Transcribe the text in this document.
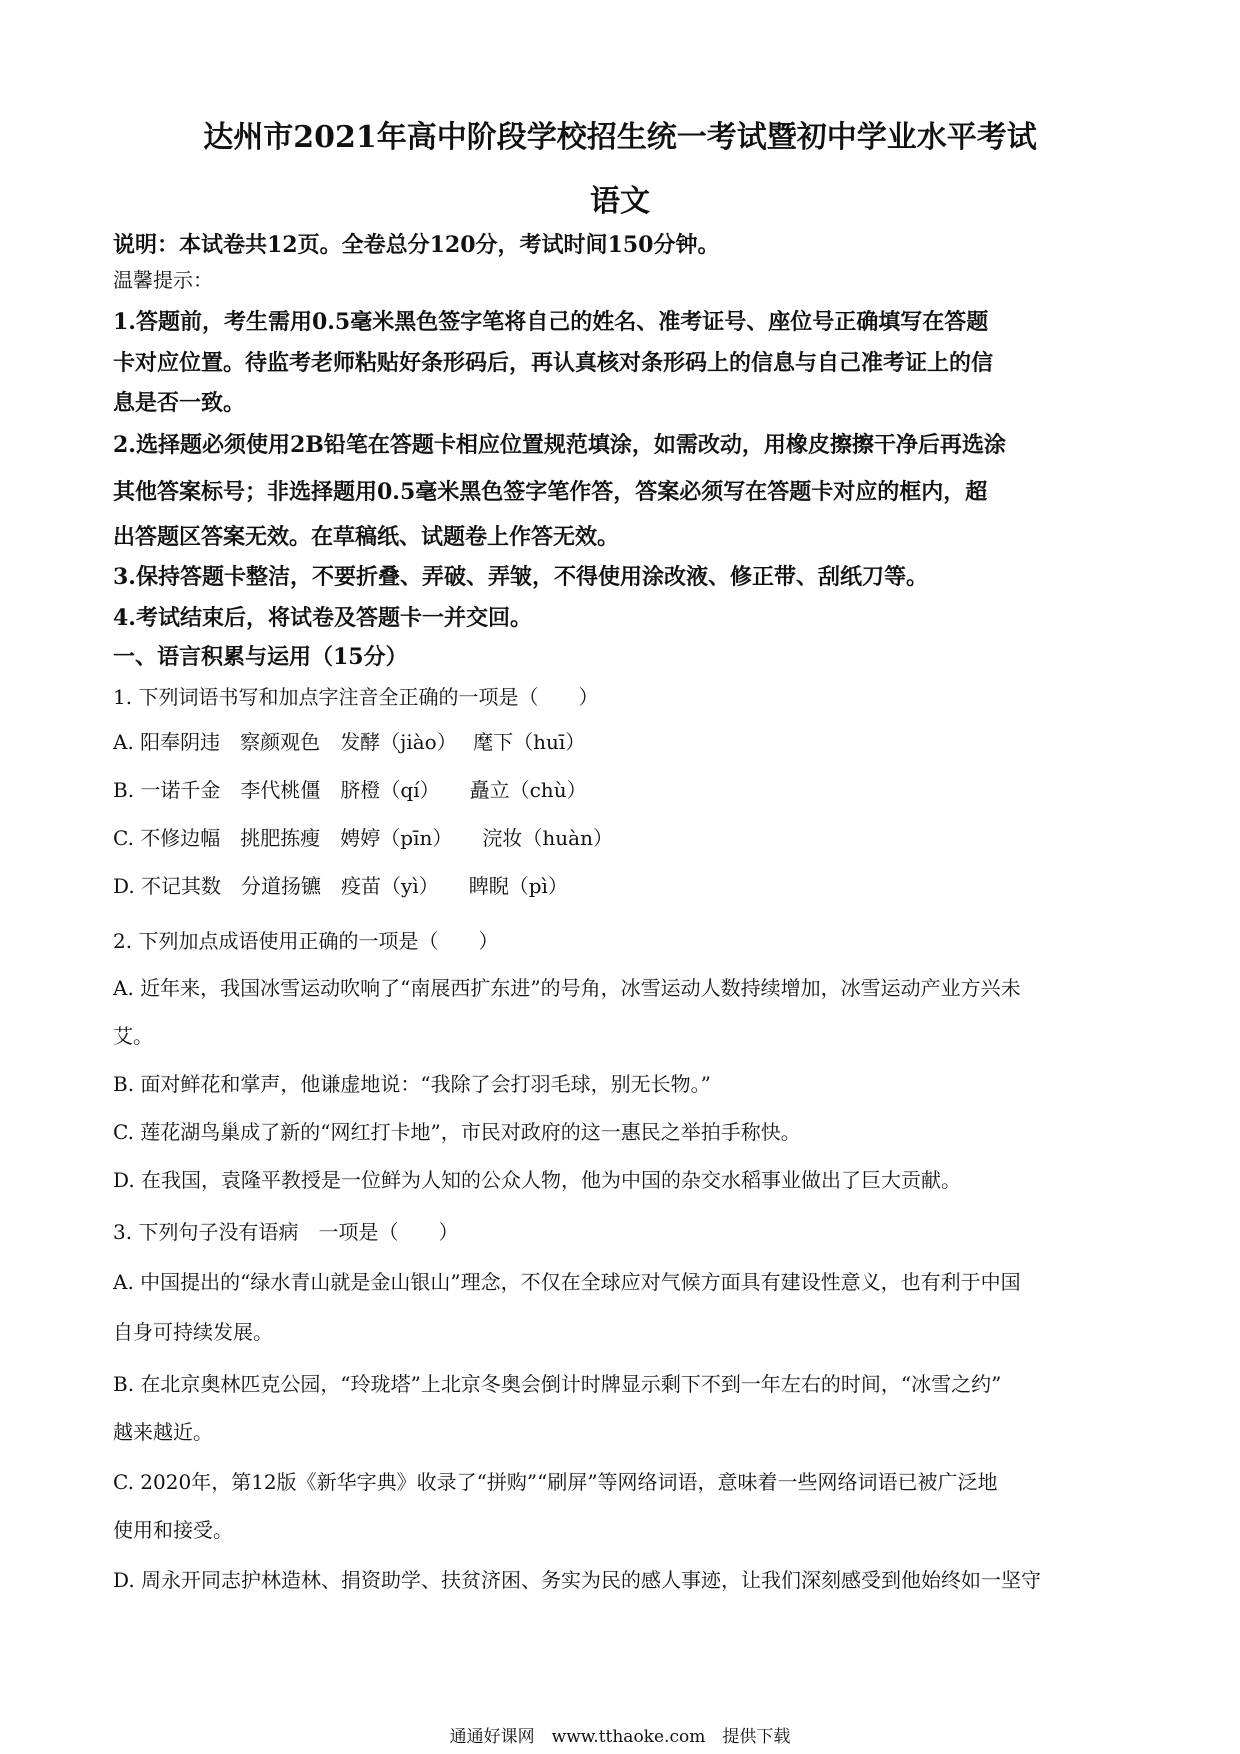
达州市2021年高中阶段学校招生统一考试暨初中学业水平考试
语文
说明：本试卷共12页。全卷总分120分，考试时间150分钟。
温馨提示：
1.答题前，考生需用0.5毫米黑色签字笔将自己的姓名、准考证号、座位号正确填写在答题
卡对应位置。待监考老师粘贴好条形码后，再认真核对条形码上的信息与自己准考证上的信
息是否一致。
2.选择题必须使用2B铅笔在答题卡相应位置规范填涂，如需改动，用橡皮擦擦干净后再选涂
其他答案标号；非选择题用0.5毫米黑色签字笔作答，答案必须写在答题卡对应的框内，超
出答题区答案无效。在草稿纸、试题卷上作答无效。
3.保持答题卡整洁，不要折叠、弄破、弄皱，不得使用涂改液、修正带、刮纸刀等。
4.考试结束后，将试卷及答题卡一并交回。
一、语言积累与运用（15分）
1. 下列词语书写和加点字注音全正确的一项是（　　）
A. 阳奉阴违　察颜观色　发酵（jiào）　 麾下（huī）
B. 一诺千金　李代桃僵　脐橙（qí）　　矗立（chù）
C. 不修边幅　挑肥拣瘦　娉婷（pīn）　　浣妆（huàn）
D. 不记其数　分道扬镳　疫苗（yì）　　睥睨（pì）
2. 下列加点成语使用正确的一项是（　　）
A. 近年来，我国冰雪运动吹响了“南展西扩东进”的号角，冰雪运动人数持续增加，冰雪运动产业方兴未
艾。
B. 面对鲜花和掌声，他谦虚地说：“我除了会打羽毛球，别无长物。”
C. 莲花湖鸟巢成了新的“网红打卡地”，市民对政府的这一惠民之举拍手称快。
D. 在我国，袁隆平教授是一位鲜为人知的公众人物，他为中国的杂交水稻事业做出了巨大贡献。
3. 下列句子没有语病　一项是（　　）
A. 中国提出的“绿水青山就是金山银山”理念，不仅在全球应对气候方面具有建设性意义，也有利于中国
自身可持续发展。
B. 在北京奥林匹克公园，“玲珑塔”上北京冬奥会倒计时牌显示剩下不到一年左右的时间，“冰雪之约”
越来越近。
C. 2020年，第12版《新华字典》收录了“拼购”“刷屏”等网络词语，意味着一些网络词语已被广泛地
使用和接受。
D. 周永开同志护林造林、捐资助学、扶贫济困、务实为民的感人事迹，让我们深刻感受到他始终如一坚守
通通好课网　www.tthaoke.com　提供下载
